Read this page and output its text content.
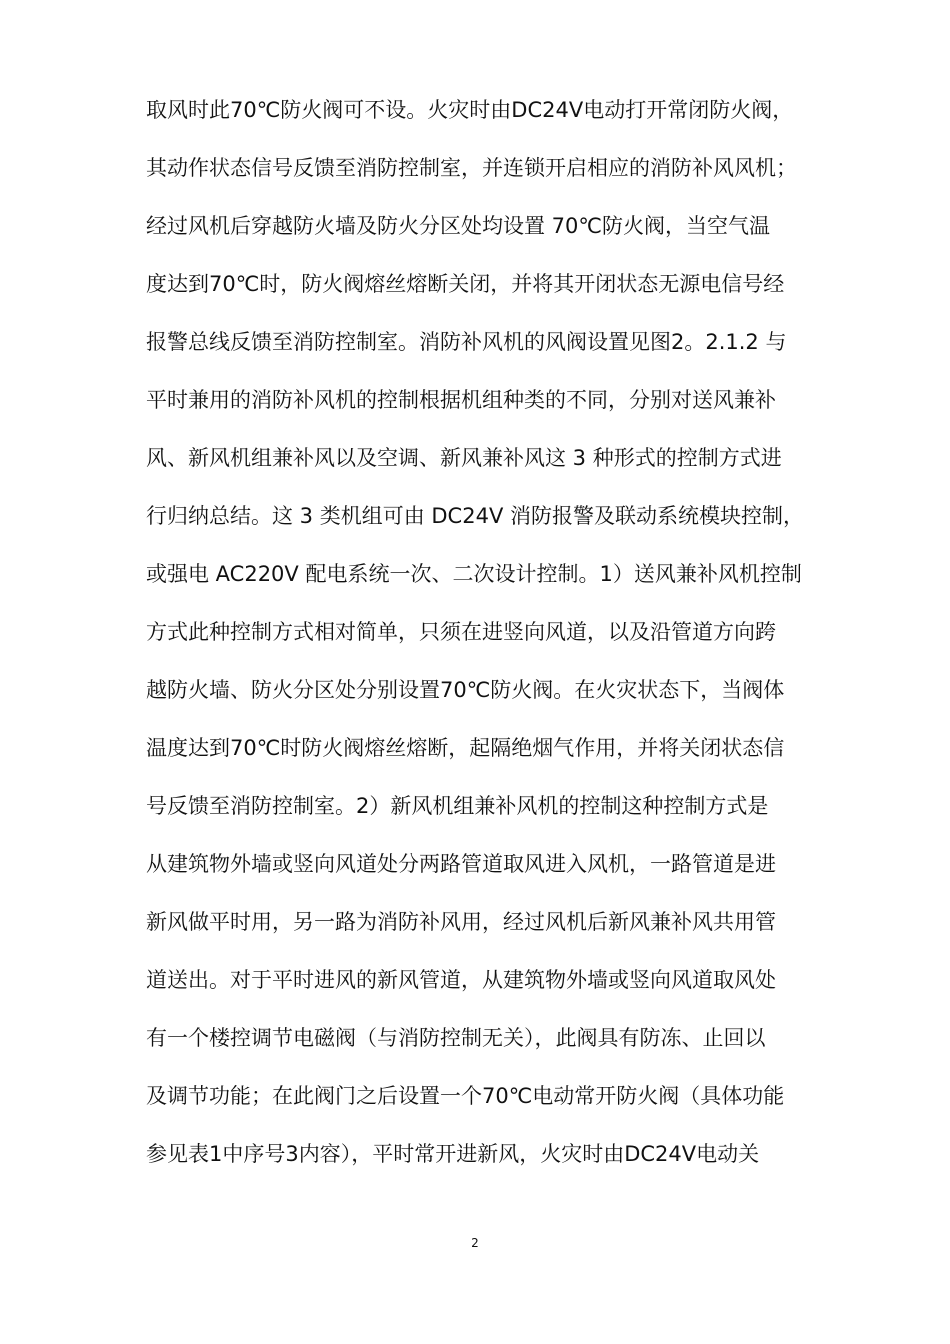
取风时此70℃防火阀可不设。火灾时由DC24V电动打开常闭防火阀，
其动作状态信号反馈至消防控制室，并连锁开启相应的消防补风风机；
经过风机后穿越防火墙及防火分区处均设置 70℃防火阀，当空气温
度达到70℃时，防火阀熔丝熔断关闭，并将其开闭状态无源电信号经
报警总线反馈至消防控制室。消防补风机的风阀设置见图2。2.1.2 与
平时兼用的消防补风机的控制根据机组种类的不同，分别对送风兼补
风、新风机组兼补风以及空调、新风兼补风这 3 种形式的控制方式进
行归纳总结。这 3 类机组可由 DC24V 消防报警及联动系统模块控制，
或强电 AC220V 配电系统一次、二次设计控制。1）送风兼补风机控制
方式此种控制方式相对简单，只须在进竖向风道，以及沿管道方向跨
越防火墙、防火分区处分别设置70℃防火阀。在火灾状态下，当阀体
温度达到70℃时防火阀熔丝熔断，起隔绝烟气作用，并将关闭状态信
号反馈至消防控制室。2）新风机组兼补风机的控制这种控制方式是
从建筑物外墙或竖向风道处分两路管道取风进入风机，一路管道是进
新风做平时用，另一路为消防补风用，经过风机后新风兼补风共用管
道送出。对于平时进风的新风管道，从建筑物外墙或竖向风道取风处
有一个楼控调节电磁阀（与消防控制无关），此阀具有防冻、止回以
及调节功能；在此阀门之后设置一个70℃电动常开防火阀（具体功能
参见表1中序号3内容），平时常开进新风，火灾时由DC24V电动关
2
